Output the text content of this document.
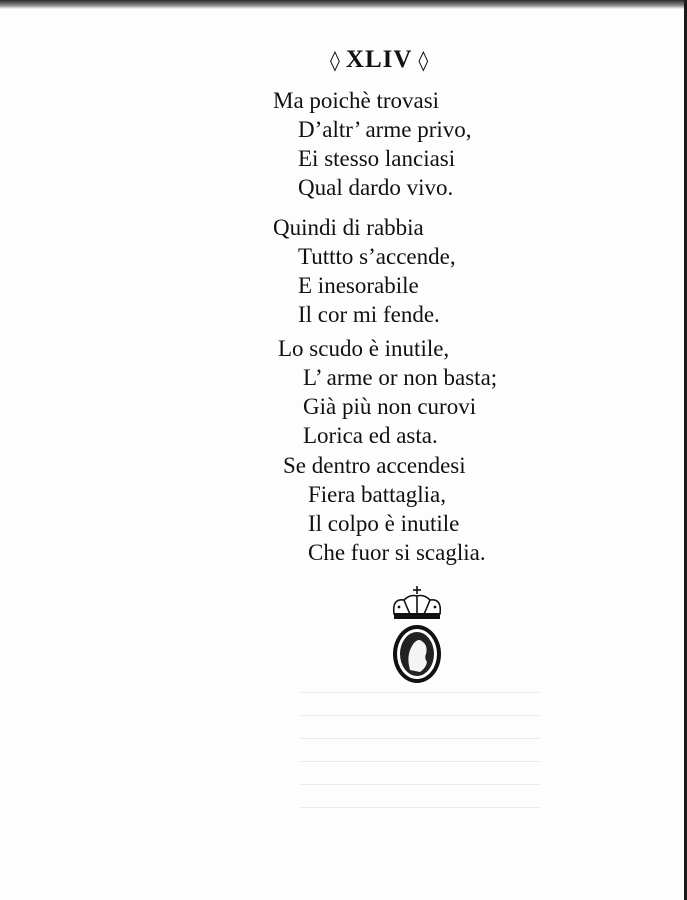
◊ XLIV ◊
Ma poichè trovasi
D’altr’ arme privo,
Ei stesso lanciasi
Qual dardo vivo.
Quindi di rabbia
Tuttto s’accende,
E inesorabile
Il cor mi fende.
Lo scudo è inutile,
L’ arme or non basta;
Già più non curovi
Lorica ed asta.
Se dentro accendesi
Fiera battaglia,
Il colpo è inutile
Che fuor si scaglia.
